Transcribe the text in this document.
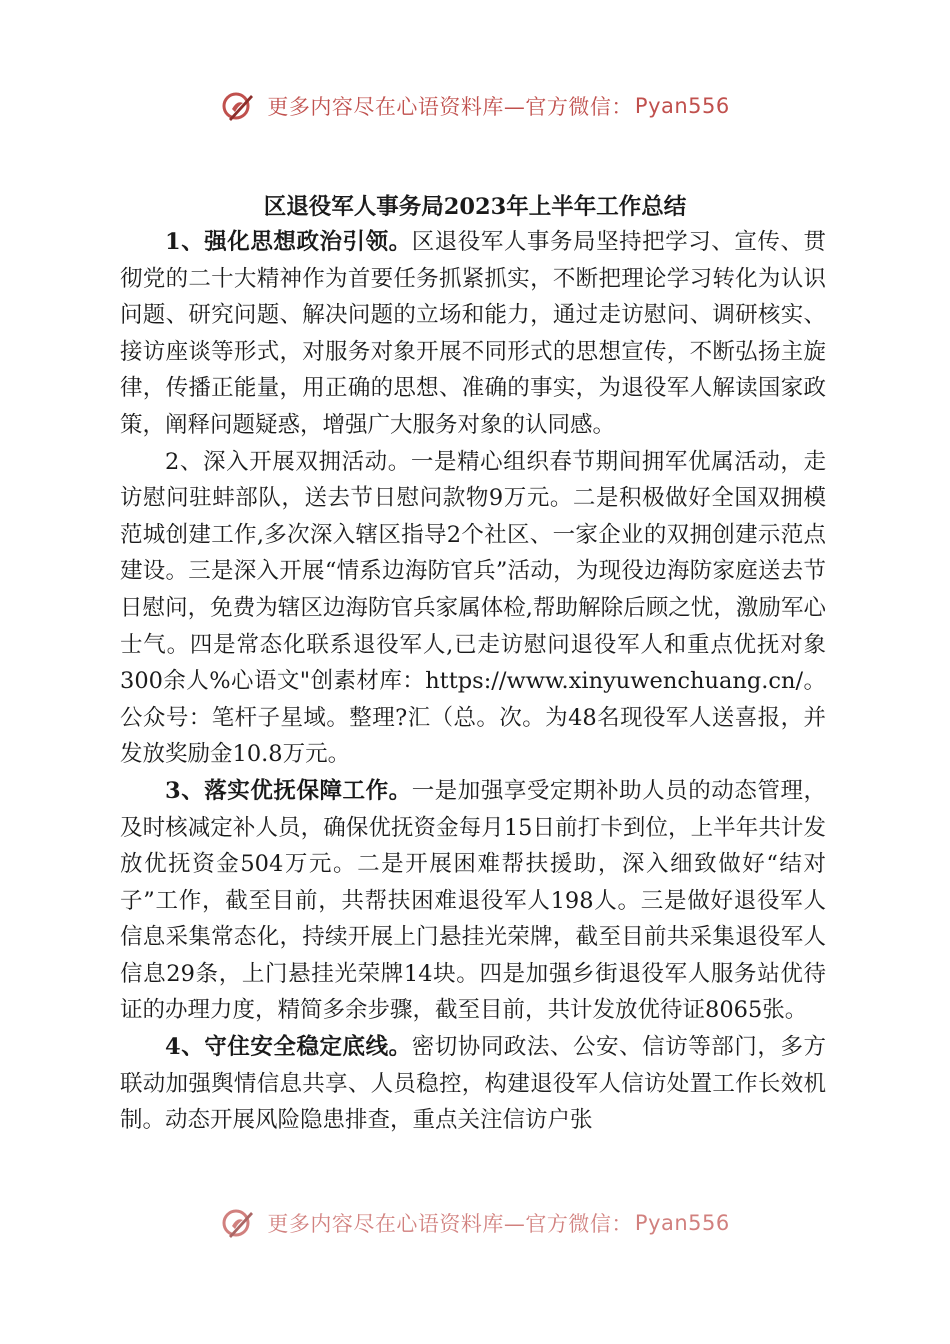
更多内容尽在心语资料库—官方微信：Pyan556
区退役军人事务局2023年上半年工作总结

1、强化思想政治引领。区退役军人事务局坚持把学习、宣传、贯彻党的二十大精神作为首要任务抓紧抓实，不断把理论学习转化为认识问题、研究问题、解决问题的立场和能力，通过走访慰问、调研核实、接访座谈等形式，对服务对象开展不同形式的思想宣传，不断弘扬主旋律，传播正能量，用正确的思想、准确的事实，为退役军人解读国家政策，阐释问题疑惑，增强广大服务对象的认同感。

2、深入开展双拥活动。一是精心组织春节期间拥军优属活动，走访慰问驻蚌部队，送去节日慰问款物9万元。二是积极做好全国双拥模范城创建工作,多次深入辖区指导2个社区、一家企业的双拥创建示范点建设。三是深入开展“情系边海防官兵”活动，为现役边海防家庭送去节日慰问，免费为辖区边海防官兵家属体检,帮助解除后顾之忧，激励军心士气。四是常态化联系退役军人,已走访慰问退役军人和重点优抚对象300余人%心语文"创素材库：https://www.xinyuwenchuang.cn/。公众号：笔杆子星域。整理?汇（总。次。为48名现役军人送喜报，并发放奖励金10.8万元。

3、落实优抚保障工作。一是加强享受定期补助人员的动态管理，及时核减定补人员，确保优抚资金每月15日前打卡到位，上半年共计发放优抚资金504万元。二是开展困难帮扶援助，深入细致做好“结对子”工作，截至目前，共帮扶困难退役军人198人。三是做好退役军人信息采集常态化，持续开展上门悬挂光荣牌，截至目前共采集退役军人信息29条，上门悬挂光荣牌14块。四是加强乡街退役军人服务站优待证的办理力度，精简多余步骤，截至目前，共计发放优待证8065张。

4、守住安全稳定底线。密切协同政法、公安、信访等部门，多方联动加强舆情信息共享、人员稳控，构建退役军人信访处置工作长效机制。动态开展风险隐患排查，重点关注信访户张

更多内容尽在心语资料库—官方微信：Pyan556
